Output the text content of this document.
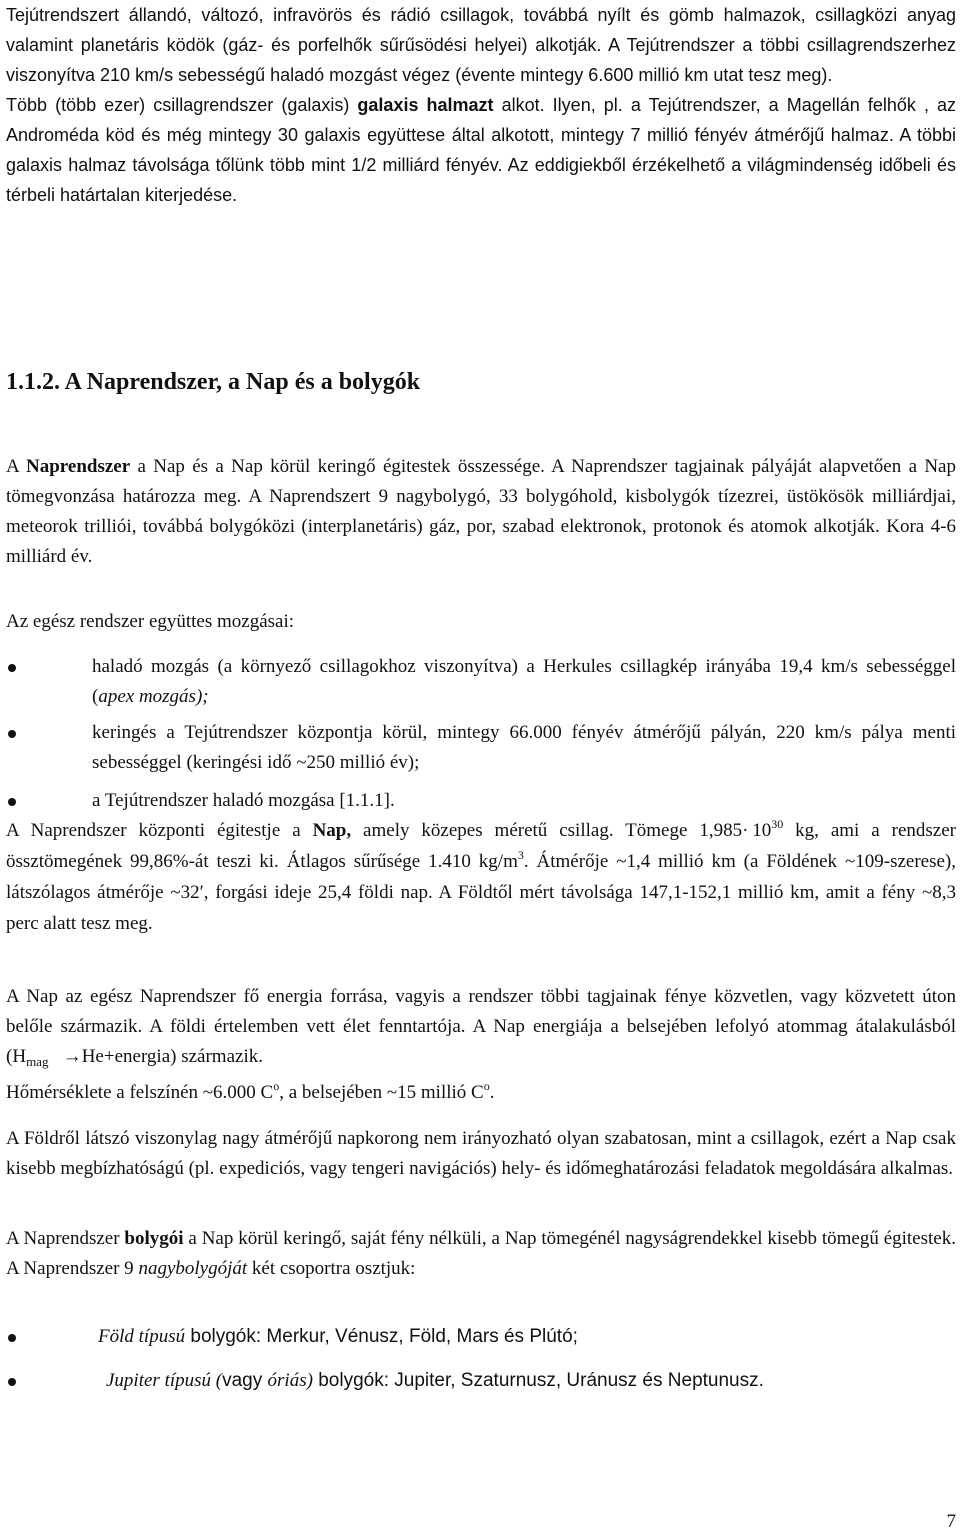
Tejútrendszert állandó, változó, infravörös és rádió csillagok, továbbá nyílt és gömb halmazok, csillagközi anyag valamint planetáris ködök (gáz- és porfelhők sűrűsödési helyei) alkotják. A Tejútrendszer a többi csillagrendszerhez viszonyítva 210 km/s sebességű haladó mozgást végez (évente mintegy 6.600 millió km utat tesz meg).

Több (több ezer) csillagrendszer (galaxis) galaxis halmazt alkot. Ilyen, pl. a Tejútrendszer, a Magellán felhők , az Androméda köd és még mintegy 30 galaxis együttese által alkotott, mintegy 7 millió fényév átmérőjű halmaz. A többi galaxis halmaz távolsága tőlünk több mint 1/2 milliárd fényév. Az eddigiekből érzékelhető a világmindenség időbeli és térbeli határtalan kiterjedése.

1.1.2. A Naprendszer, a Nap és a bolygók

A Naprendszer a Nap és a Nap körül keringő égitestek összessége. A Naprendszer tagjainak pályáját alapvetően a Nap tömegvonzása határozza meg. A Naprendszert 9 nagybolygó, 33 bolygóhold, kisbolygók tízezrei, üstökösök milliárdjai, meteorok trilliói, továbbá bolygóközi (interplanetáris) gáz, por, szabad elektronok, protonok és atomok alkotják. Kora 4-6 milliárd év.

Az egész rendszer együttes mozgásai:

haladó mozgás (a környező csillagokhoz viszonyítva) a Herkules csillagkép irányába 19,4 km/s sebességgel (apex mozgás);
keringés a Tejútrendszer központja körül, mintegy 66.000 fényév átmérőjű pályán, 220 km/s pálya menti sebességgel (keringési idő ~250 millió év);
a Tejútrendszer haladó mozgása [1.1.1].

A Naprendszer központi égitestje a Nap, amely közepes méretű csillag. Tömege $1,985\cdot 10^{30}$ kg, ami a rendszer össztömegének 99,86%-át teszi ki. Átlagos sűrűsége 1.410 $kg/m^3$. Átmérője ~1,4 millió km (a Földének ~109-szerese), látszólagos átmérője ~32′, forgási ideje 25,4 földi nap. A Földtől mért távolsága 147,1-152,1 millió km, amit a fény ~8,3 perc alatt tesz meg.

A Nap az egész Naprendszer fő energia forrása, vagyis a rendszer többi tagjainak fénye közvetlen, vagy közvetett úton belőle származik. A földi értelemben vett élet fenntartója. A Nap energiája a belsejében lefolyó atommag átalakulásból ($H_{mag}$ →He+energia) származik.

Hőmérséklete a felszínén ~6.000 $C^o$, a belsejében ~15 millió $C^o$.

A Földről látszó viszonylag nagy átmérőjű napkorong nem irányozható olyan szabatosan, mint a csillagok, ezért a Nap csak kisebb megbízhatóságú (pl. expediciós, vagy tengeri navigációs) hely- és időmeghatározási feladatok megoldására alkalmas.

A Naprendszer bolygói a Nap körül keringő, saját fény nélküli, a Nap tömegénél nagyságrendekkel kisebb tömegű égitestek. A Naprendszer 9 nagybolygóját két csoportra osztjuk:

Föld típusú bolygók: Merkur, Vénusz, Föld, Mars és Plútó;
Jupiter típusú (vagy óriás) bolygók: Jupiter, Szaturnusz, Uránusz és Neptunusz.
7
